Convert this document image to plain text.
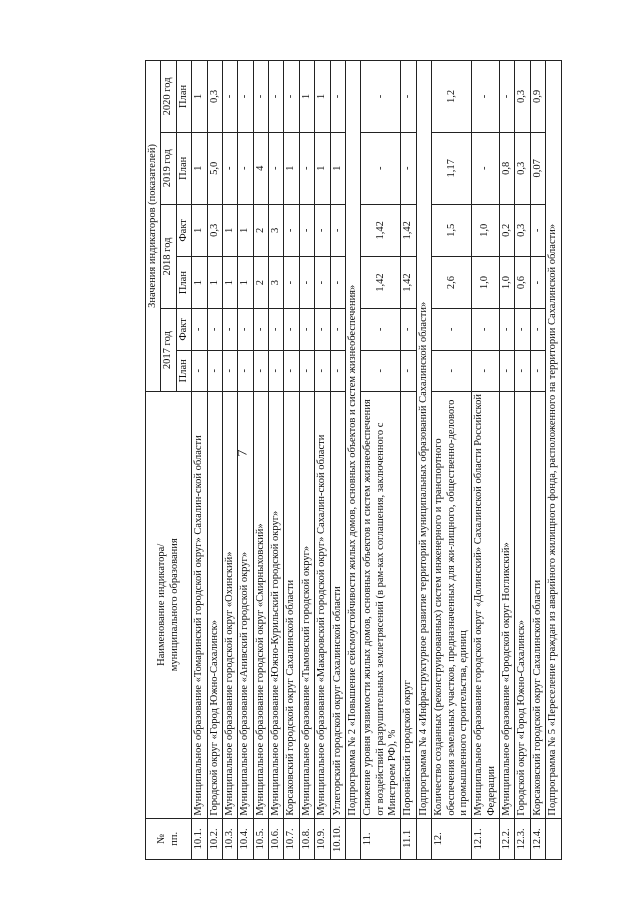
7
№
пп.	Наименование индикатора/
муниципального образования	Значения индикаторов (показателей)					
		2017 год		2018 год		2019 год	2020 год
		План	Факт	План	Факт	План	План
10.1.	Муниципальное образование «Томаринский городской округ» Сахалин-ской области	-	-	1	1	1	1
10.2.	Городской округ «Город Южно-Сахалинск»	-	-	1	0,3	5,0	0,3
10.3.	Муниципальное образование городской округ «Охинский»	-	-	1	1	-	-
10.4.	Муниципальное образование «Анивский городской округ»	-	-	1	1	-	-
10.5.	Муниципальное образование городской округ «Смирныховский»	-	-	2	2	4	-
10.6.	Муниципальное образование «Южно-Курильский городской округ»	-	-	3	3	-	-
10.7.	Корсаковский городской округ Сахалинской области	-	-	-	-	1	-
10.8.	Муниципальное образование «Тымовский городской округ»	-	-	-	-	-	1
10.9.	Муниципальное образование «Макаровский городской округ» Сахалин-ской области	-	-	-	-	1	1
10.10.	Углегорский городской округ Сахалинской области	-	-	-	-	1	-
	Подпрограмма № 2 «Повышение сейсмоустойчивости жилых домов, основных объектов и систем жизнеобеспечения»						
11.	Снижение уровня уязвимости жилых домов, основных объектов и систем жизнеобеспечения от воздействий разрушительных землетрясений (в рам-ках соглашения, заключенного с Минстроем РФ), %	-	-	1,42	1,42	-	-
11.1	Поронайский городской округ	-	-	1,42	1,42	-	-
	Подпрограмма № 4 «Инфраструктурное развитие территорий муниципальных образований Сахалинской области»						
12.	Количество созданных (реконструированных) систем инженерного и транспортного обеспечения земельных участков, предназначенных для жи-лищного, общественно-делового и промышленного строительства, единиц	-	-	2,6	1,5	1,17	1,2
12.1.	Муниципальное образование городской округ «Долинский» Сахалинской области Российской Федерации	-	-	1,0	1,0	-	-
12.2.	Муниципальное образование «Городской округ Ногликский»	-	-	1,0	0,2	0,8	-
12.3.	Городской округ «Город Южно-Сахалинск»	-	-	0,6	0,3	0,3	0,3
12.4.	Корсаковский городской округ Сахалинской области	-	-	-	-	0,07	0,9
	Подпрограмма № 5 «Переселение граждан из аварийного жилищного фонда, расположенного на территории Сахалинской области»						
